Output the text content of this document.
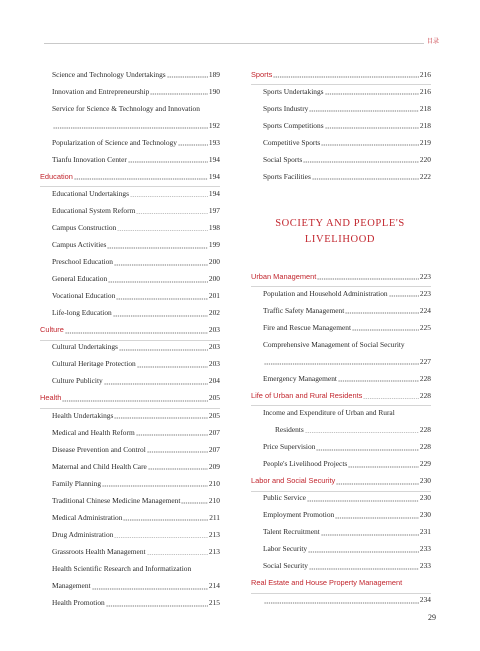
目录
Science and Technology Undertakings	189
Innovation and Entrepreneurship	190
Service for Science & Technology and Innovation
192
Popularization of Science and Technology	193
Tianfu Innovation Center	194
Education	194
Educational Undertakings	194
Educational System Reform	197
Campus Construction	198
Campus Activities	199
Preschool Education	200
General Education	200
Vocational Education	201
Life-long Education	202
Culture	203
Cultural Undertakings	203
Cultural Heritage Protection	203
Culture Publicity	204
Health	205
Health Undertakings	205
Medical and Health Reform	207
Disease Prevention and Control	207
Maternal and Child Health Care	209
Family Planning	210
Traditional Chinese Medicine Management	210
Medical Administration	211
Drug Administration	213
Grassroots Health Management	213
Health Scientific Research and Informatization
Management	214
Health Promotion	215
Sports	216
Sports Undertakings	216
Sports Industry	218
Sports Competitions	218
Competitive Sports	219
Social Sports	220
Sports Facilities	222
SOCIETY AND PEOPLE'S LIVELIHOOD
Urban Management	223
Population and Household Administration	223
Traffic Safety Management	224
Fire and Rescue Management	225
Comprehensive Management of Social Security
227
Emergency Management	228
Life of Urban and Rural Residents	228
Income and Expenditure of Urban and Rural
Residents	228
Price Supervision	228
People's Livelihood Projects	229
Labor and Social Security	230
Public Service	230
Employment Promotion	230
Talent Recruitment	231
Labor Security	233
Social Security	233
Real Estate and House Property Management
234
29
